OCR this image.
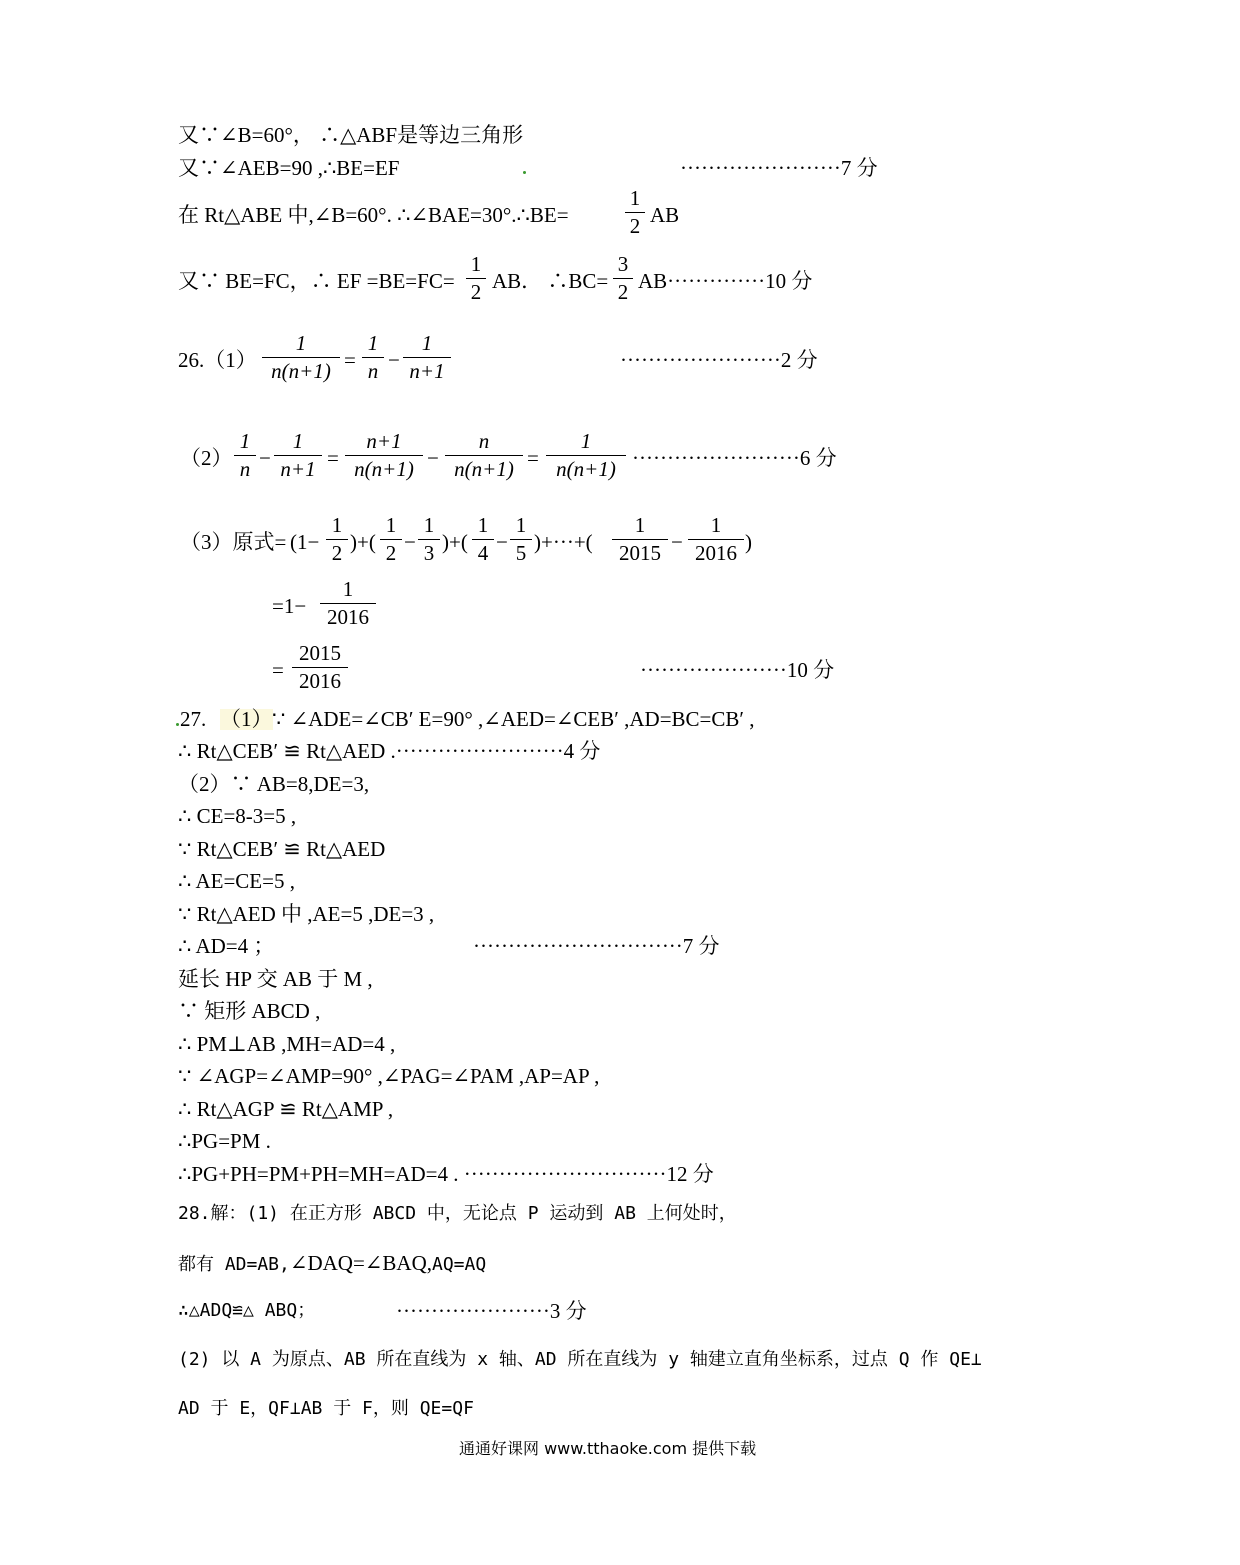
又∵∠B=60°， ∴△ABF是等边三角形
又∵∠AEB=90 ,∴BE=EF	·······················7 分
在 Rt△ABE 中,∠B=60°. ∴∠BAE=30°.∴BE=
1
2 AB
又∵ BE=FC，∴ EF =BE=FC=
1
2 AB． ∴BC=
3
2 AB··············10 分
26.（1）
1
n(n+1) =
1
n −
1
n+1	·······················2 分
（2）
1
n −
1
n+1 =
n+1
n(n+1) −
n
n(n+1) =
1
n(n+1) ························6 分
（3）原式= (1−
1
2 )+(
1
2 −
1
3 )+(
1
4 −
1
5 )+···+(
1
2015 −
1
2016 )
=1−
1
2016
=
2015
2016	·····················10 分
27. （1） ∵ ∠ADE=∠CB′ E=90° ,∠AED=∠CEB′ ,AD=BC=CB′ ,
∴ Rt△CEB′ ≌ Rt△AED .························4 分
（2）∵ AB=8,DE=3,
∴ CE=8-3=5 ,
∵ Rt△CEB′ ≌ Rt△AED
∴ AE=CE=5 ,
∵ Rt△AED 中 ,AE=5 ,DE=3 ,
∴ AD=4 ；	······························7 分
延长 HP 交 AB 于 M ,
∵ 矩形 ABCD ,
∴ PM⊥AB ,MH=AD=4 ,
∵ ∠AGP=∠AMP=90° ,∠PAG=∠PAM ,AP=AP ,
∴ Rt△AGP ≌ Rt△AMP ,
∴PG=PM .
∴PG+PH=PM+PH=MH=AD=4 . ·····························12 分
28.解：(1) 在正方形 ABCD 中，无论点 P 运动到 AB 上何处时，
都有 AD=AB,∠DAQ=∠BAQ,AQ=AQ
∴△ADQ≌△ ABQ；	······················3 分
(2) 以 A 为原点、AB 所在直线为 x 轴、AD 所在直线为 y 轴建立直角坐标系，过点 Q 作 QE⊥
AD 于 E，QF⊥AB 于 F，则 QE=QF
通通好课网 www.tthaoke.com 提供下载
